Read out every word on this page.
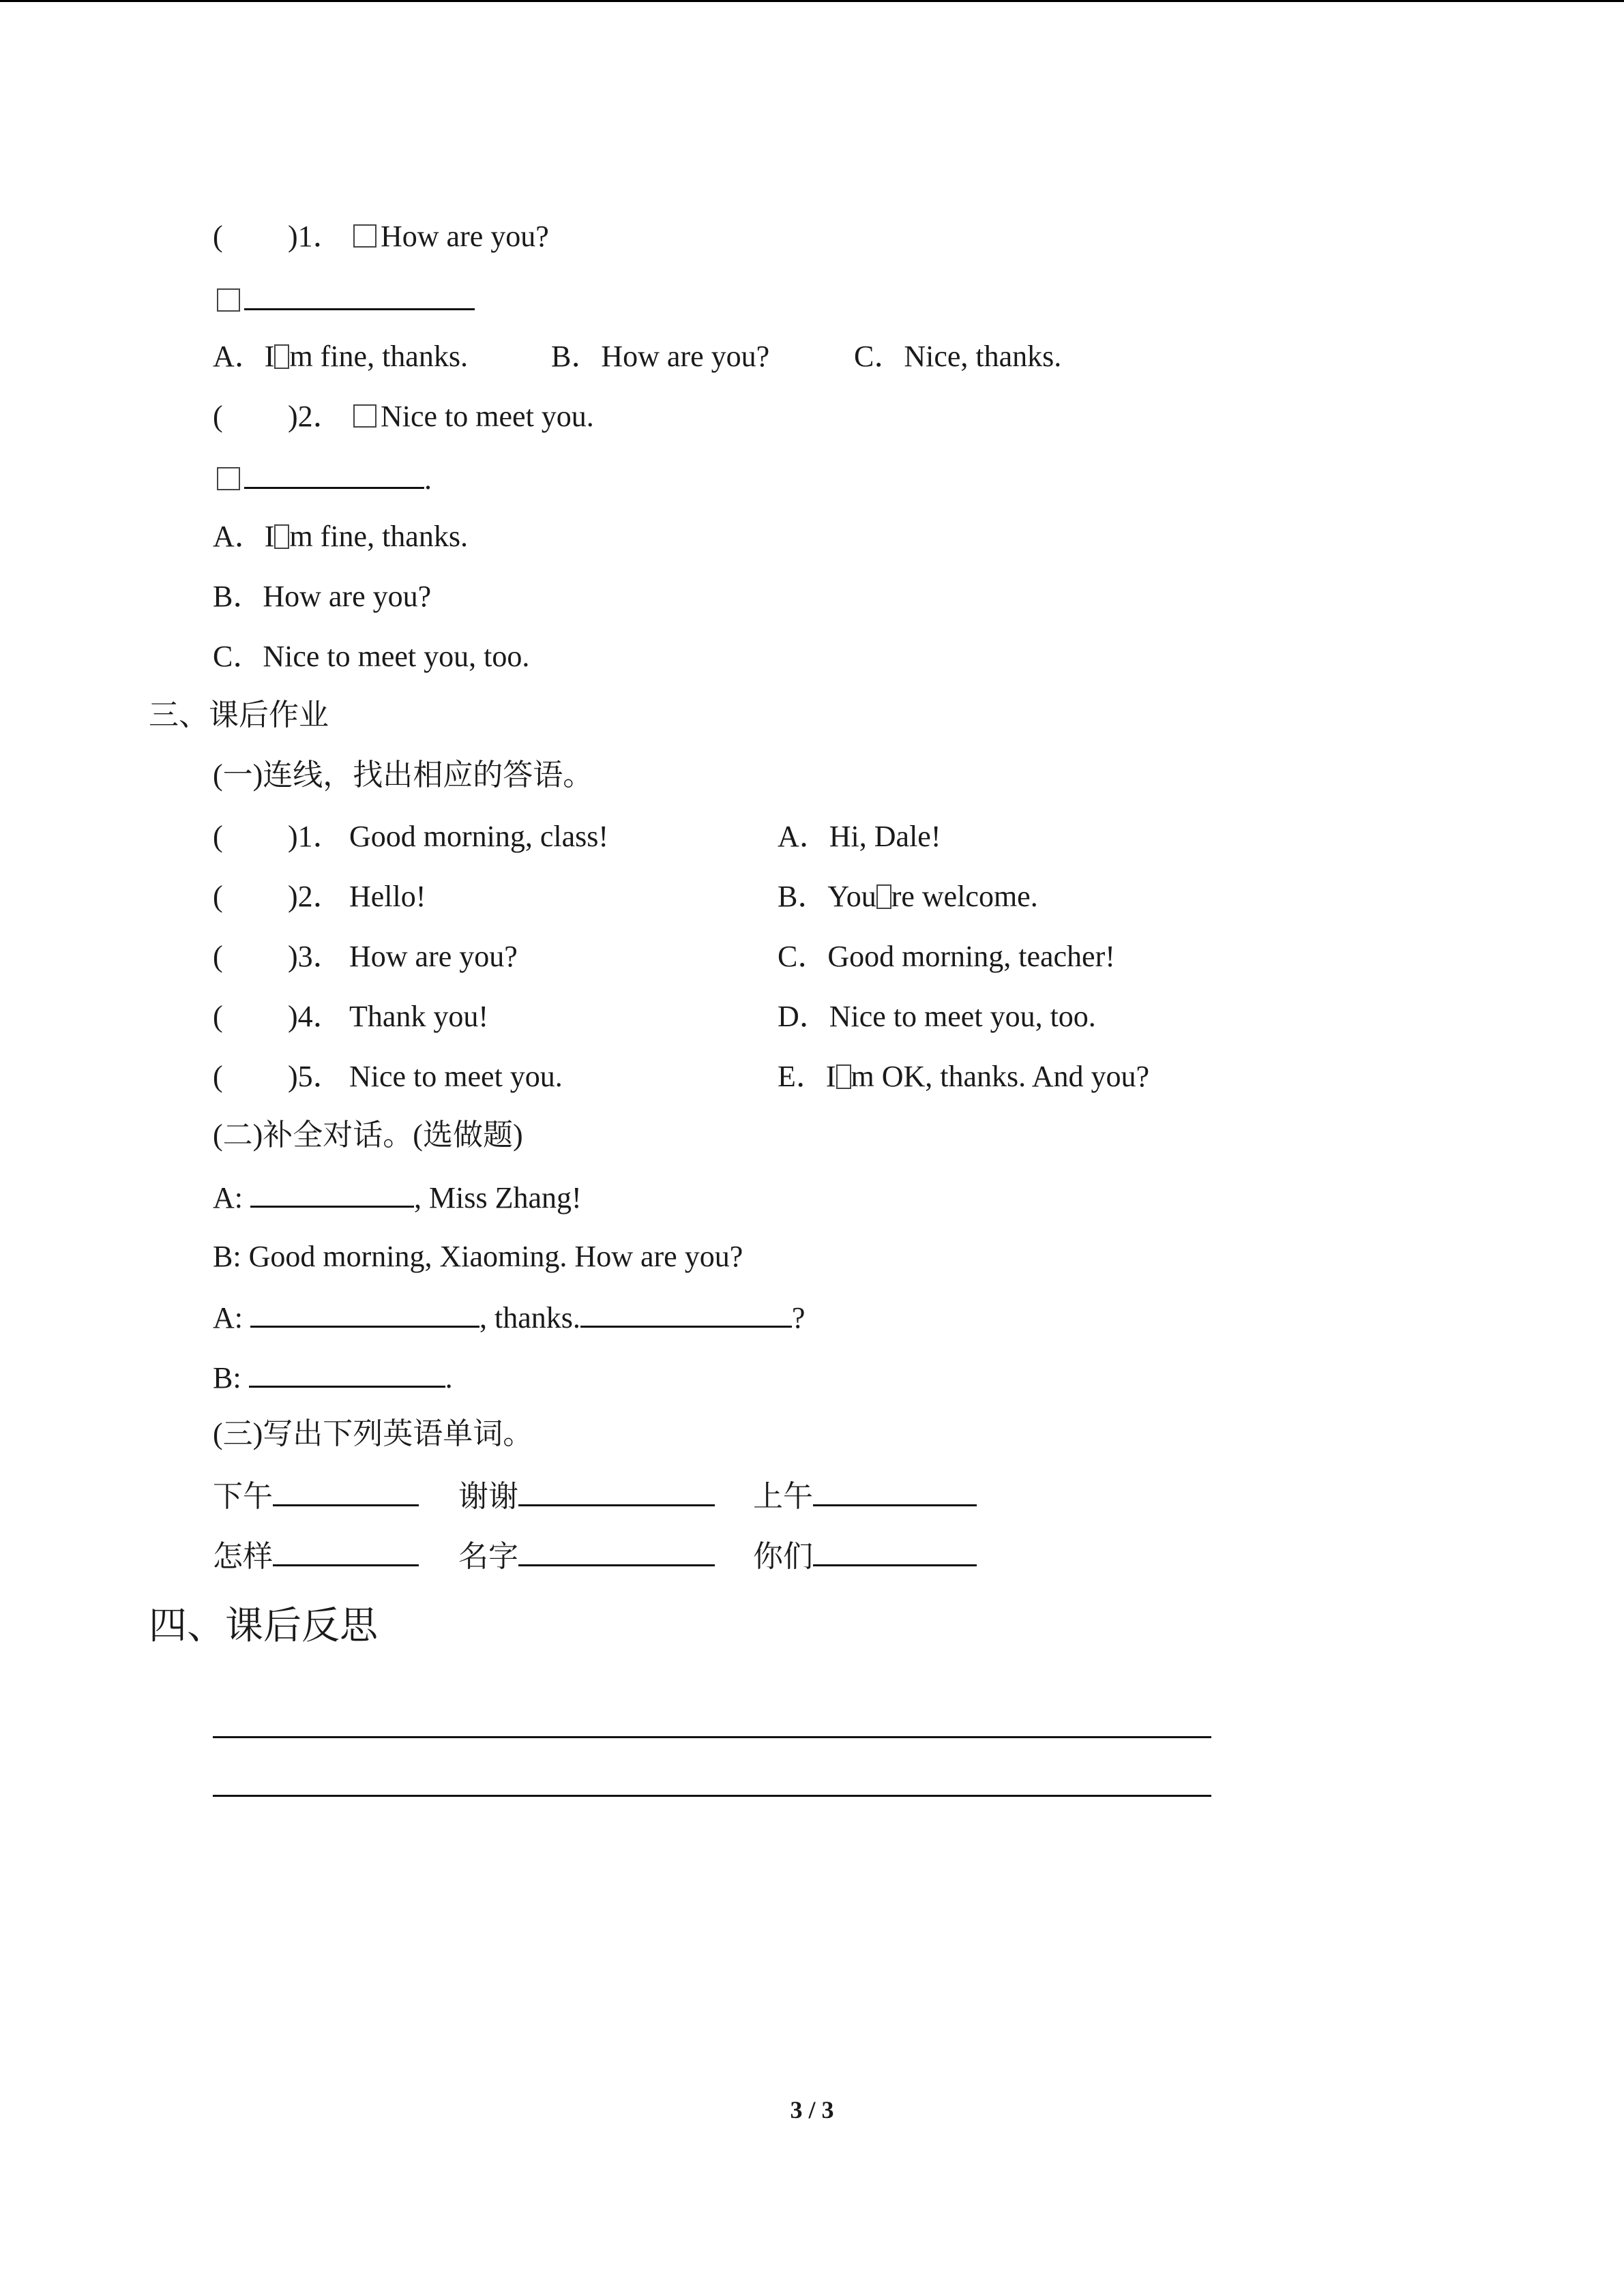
( )1．	How are you?
A．I m fine, thanks.	B．How are you?	C．Nice, thanks.
( )2．	Nice to meet you.
.
A．I m fine, thanks.
B．How are you?
C．Nice to meet you, too.
三、课后作业
(一)连线，找出相应的答语。
( )1． Good morning, class!	A．Hi, Dale!
( )2． Hello!	B．You re welcome.
( )3． How are you?	C．Good morning, teacher!
( )4． Thank you!	D．Nice to meet you, too.
( )5． Nice to meet you.	E．I m OK, thanks. And you?
(二)补全对话。(选做题)
A:	, Miss Zhang!
B: Good morning, Xiaoming. How are you?
A:	, thanks.	?
B:	.
(三)写出下列英语单词。
下午	谢谢	上午
怎样	名字	你们
四、课后反思
3 / 3
